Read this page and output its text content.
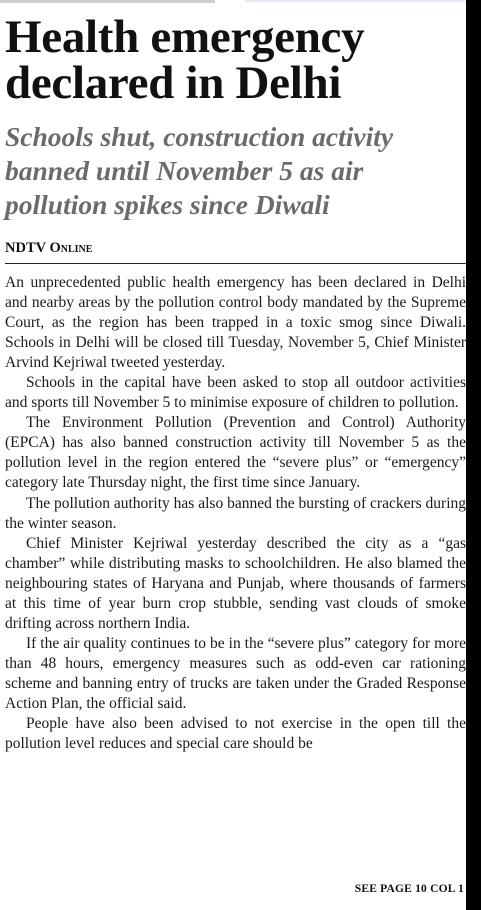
Health emergency declared in Delhi
Schools shut, construction activity banned until November 5 as air pollution spikes since Diwali
NDTV Online

An unprecedented public health emergency has been declared in Delhi and nearby areas by the pollution control body mandated by the Supreme Court, as the region has been trapped in a toxic smog since Diwali. Schools in Delhi will be closed till Tuesday, November 5, Chief Minister Arvind Kejriwal tweeted yesterday.

Schools in the capital have been asked to stop all outdoor activities and sports till November 5 to minimise exposure of children to pollution.

The Environment Pollution (Prevention and Control) Authority (EPCA) has also banned construction activity till November 5 as the pollution level in the region entered the “severe plus” or “emergency” category late Thursday night, the first time since January.

The pollution authority has also banned the bursting of crackers during the winter season.

Chief Minister Kejriwal yesterday described the city as a “gas chamber” while distributing masks to schoolchildren. He also blamed the neighbouring states of Haryana and Punjab, where thousands of farmers at this time of year burn crop stubble, sending vast clouds of smoke drifting across northern India.

If the air quality continues to be in the “severe plus” category for more than 48 hours, emergency measures such as odd-even car rationing scheme and banning entry of trucks are taken under the Graded Response Action Plan, the official said.

People have also been advised to not exercise in the open till the pollution level reduces and special care should be

SEE PAGE 10 COL 1
